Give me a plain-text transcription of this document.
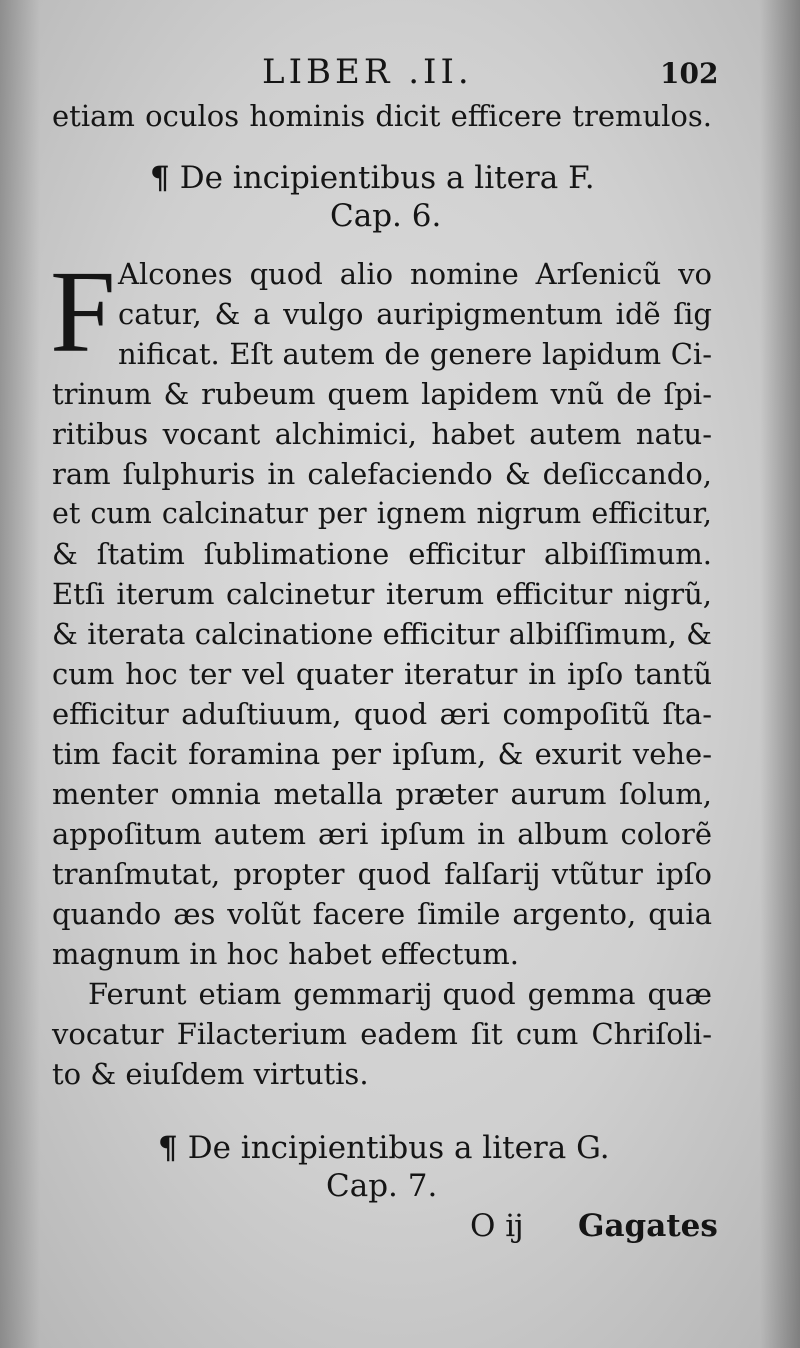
LIBER .II.	102
etiam oculos hominis dicit efficere tremulos.
¶ De incipientibus a litera F.
Cap. 6.
F Alcones quod alio nomine Arſenicũ vo
catur, & a vulgo auripigmentum idẽ ſig
nificat. Eſt autem de genere lapidum Ci-
trinum & rubeum quem lapidem vnũ de ſpi-
ritibus vocant alchimici, habet autem natu-
ram ſulphuris in calefaciendo & deſiccando,
et cum calcinatur per ignem nigrum efficitur,
& ſtatim ſublimatione efficitur albiſſimum.
Etſi iterum calcinetur iterum efficitur nigrũ,
& iterata calcinatione efficitur albiſſimum, &
cum hoc ter vel quater iteratur in ipſo tantũ
efficitur aduſtiuum, quod æri compoſitũ ſta-
tim facit foramina per ipſum, & exurit vehe-
menter omnia metalla præter aurum ſolum,
appoſitum autem æri ipſum in album colorẽ
tranſmutat, propter quod falſarĳ vtũtur ipſo
quando æs volũt facere ſimile argento, quia
magnum in hoc habet effectum.
Ferunt etiam gemmarĳ quod gemma quæ
vocatur Filacterium eadem ſit cum Chriſoli-
to & eiuſdem virtutis.
¶ De incipientibus a litera G.
Cap. 7.
O ĳ Gagates
